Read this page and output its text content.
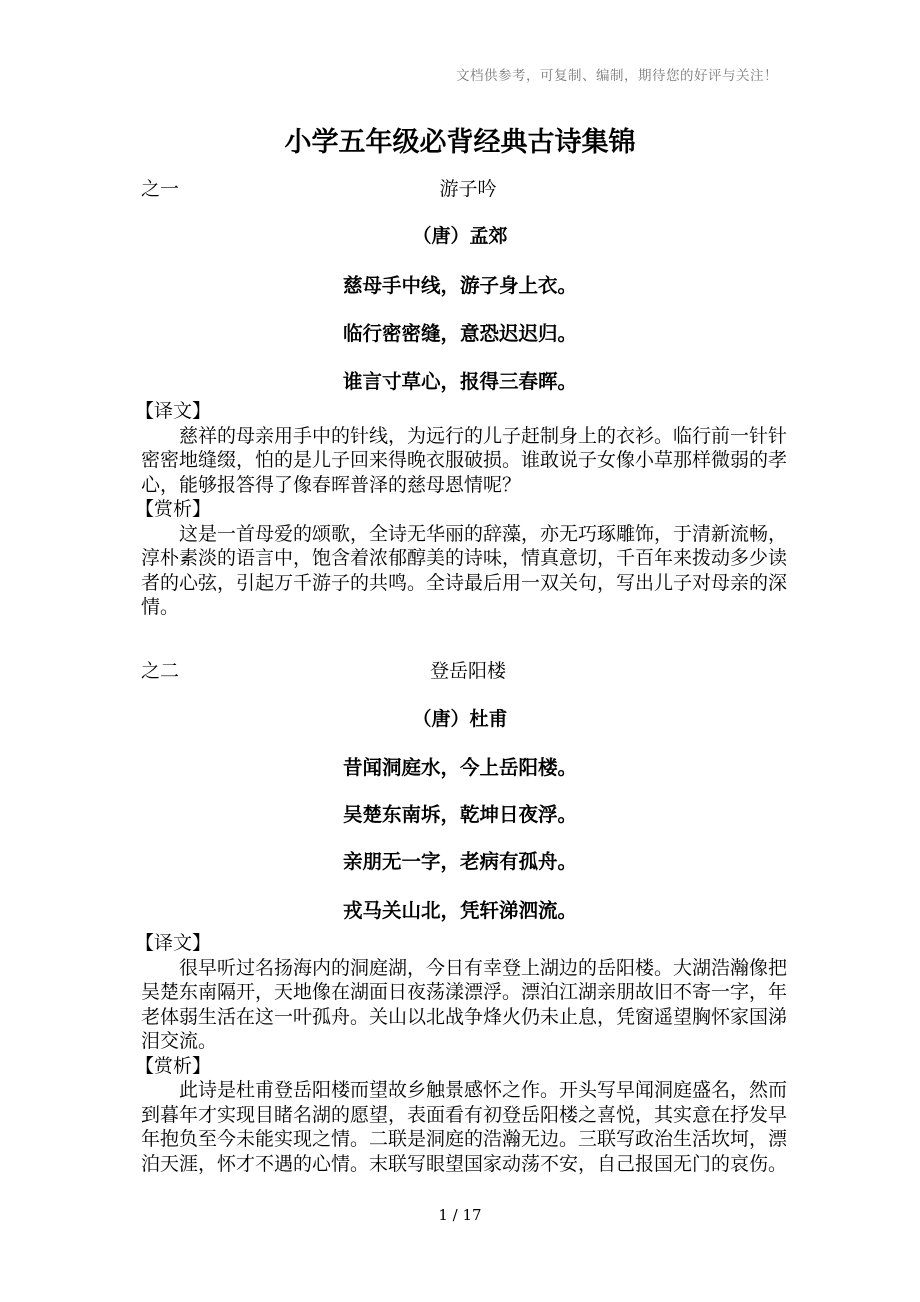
文档供参考，可复制、编制，期待您的好评与关注！
小学五年级必背经典古诗集锦
之一	游子吟
（唐）孟郊
慈母手中线，游子身上衣。
临行密密缝，意恐迟迟归。
谁言寸草心，报得三春晖。
【译文】
　　慈祥的母亲用手中的针线，为远行的儿子赶制身上的衣衫。临行前一针针
密密地缝缀，怕的是儿子回来得晚衣服破损。谁敢说子女像小草那样微弱的孝
心，能够报答得了像春晖普泽的慈母恩情呢？
【赏析】
　　这是一首母爱的颂歌，全诗无华丽的辞藻，亦无巧琢雕饰，于清新流畅，
淳朴素淡的语言中，饱含着浓郁醇美的诗味，情真意切，千百年来拨动多少读
者的心弦，引起万千游子的共鸣。全诗最后用一双关句，写出儿子对母亲的深
情。
之二	登岳阳楼
（唐）杜甫
昔闻洞庭水，今上岳阳楼。
吴楚东南坼，乾坤日夜浮。
亲朋无一字，老病有孤舟。
戎马关山北，凭轩涕泗流。
【译文】
　　很早听过名扬海内的洞庭湖，今日有幸登上湖边的岳阳楼。大湖浩瀚像把
吴楚东南隔开，天地像在湖面日夜荡漾漂浮。漂泊江湖亲朋故旧不寄一字，年
老体弱生活在这一叶孤舟。关山以北战争烽火仍未止息，凭窗遥望胸怀家国涕
泪交流。
【赏析】
　　此诗是杜甫登岳阳楼而望故乡触景感怀之作。开头写早闻洞庭盛名，然而
到暮年才实现目睹名湖的愿望，表面看有初登岳阳楼之喜悦，其实意在抒发早
年抱负至今未能实现之情。二联是洞庭的浩瀚无边。三联写政治生活坎坷，漂
泊天涯，怀才不遇的心情。末联写眼望国家动荡不安，自己报国无门的哀伤。
1 / 17
